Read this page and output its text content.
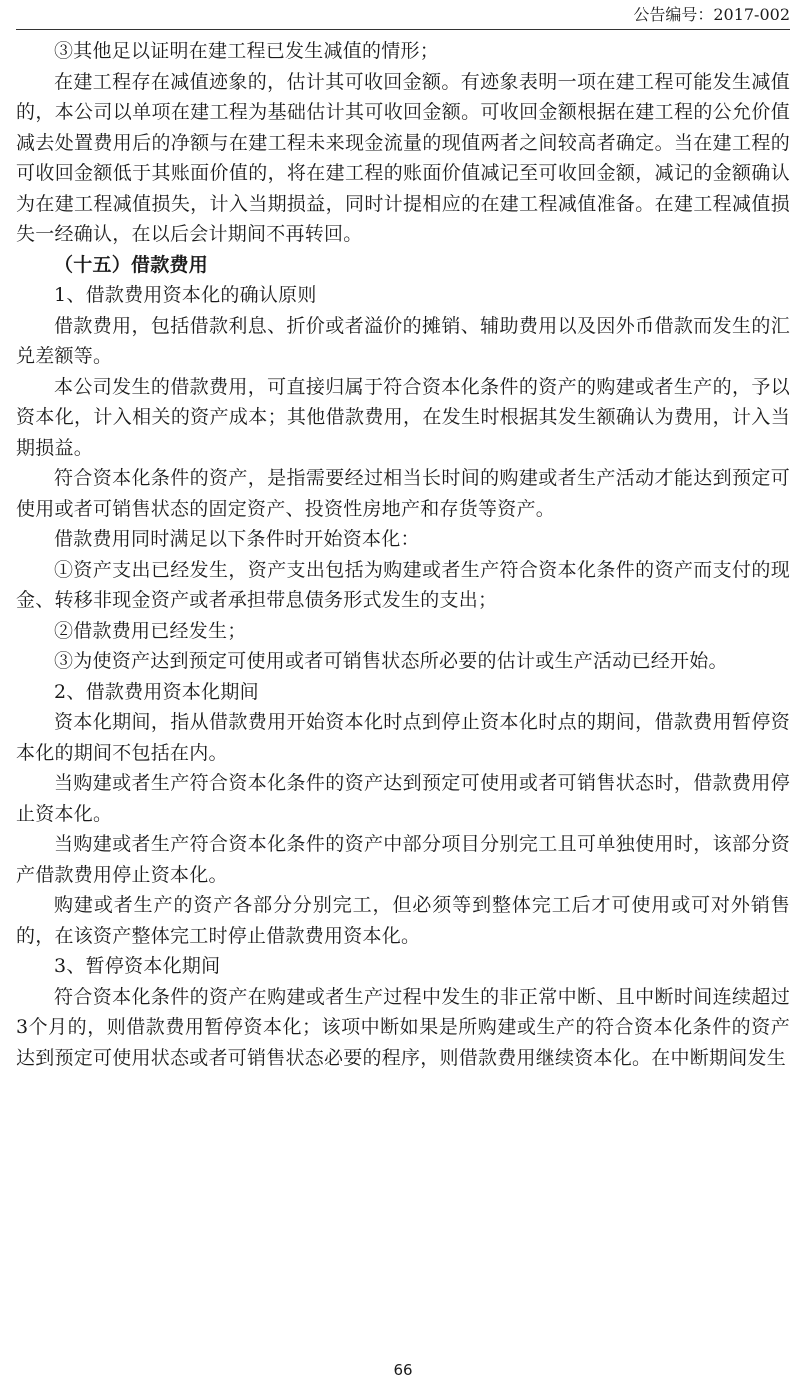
公告编号：2017-002

③其他足以证明在建工程已发生减值的情形；

在建工程存在减值迹象的，估计其可收回金额。有迹象表明一项在建工程可能发生减值的，本公司以单项在建工程为基础估计其可收回金额。可收回金额根据在建工程的公允价值减去处置费用后的净额与在建工程未来现金流量的现值两者之间较高者确定。当在建工程的可收回金额低于其账面价值的，将在建工程的账面价值减记至可收回金额，减记的金额确认为在建工程减值损失，计入当期损益，同时计提相应的在建工程减值准备。在建工程减值损失一经确认，在以后会计期间不再转回。

（十五）借款费用

1、借款费用资本化的确认原则

借款费用，包括借款利息、折价或者溢价的摊销、辅助费用以及因外币借款而发生的汇兑差额等。

本公司发生的借款费用，可直接归属于符合资本化条件的资产的购建或者生产的，予以资本化，计入相关的资产成本；其他借款费用，在发生时根据其发生额确认为费用，计入当期损益。

符合资本化条件的资产，是指需要经过相当长时间的购建或者生产活动才能达到预定可使用或者可销售状态的固定资产、投资性房地产和存货等资产。

借款费用同时满足以下条件时开始资本化：

①资产支出已经发生，资产支出包括为购建或者生产符合资本化条件的资产而支付的现金、转移非现金资产或者承担带息债务形式发生的支出；

②借款费用已经发生；

③为使资产达到预定可使用或者可销售状态所必要的估计或生产活动已经开始。

2、借款费用资本化期间

资本化期间，指从借款费用开始资本化时点到停止资本化时点的期间，借款费用暂停资本化的期间不包括在内。

当购建或者生产符合资本化条件的资产达到预定可使用或者可销售状态时，借款费用停止资本化。

当购建或者生产符合资本化条件的资产中部分项目分别完工且可单独使用时，该部分资产借款费用停止资本化。

购建或者生产的资产各部分分别完工，但必须等到整体完工后才可使用或可对外销售的，在该资产整体完工时停止借款费用资本化。

3、暂停资本化期间

符合资本化条件的资产在购建或者生产过程中发生的非正常中断、且中断时间连续超过3个月的，则借款费用暂停资本化；该项中断如果是所购建或生产的符合资本化条件的资产达到预定可使用状态或者可销售状态必要的程序，则借款费用继续资本化。在中断期间发生

66
